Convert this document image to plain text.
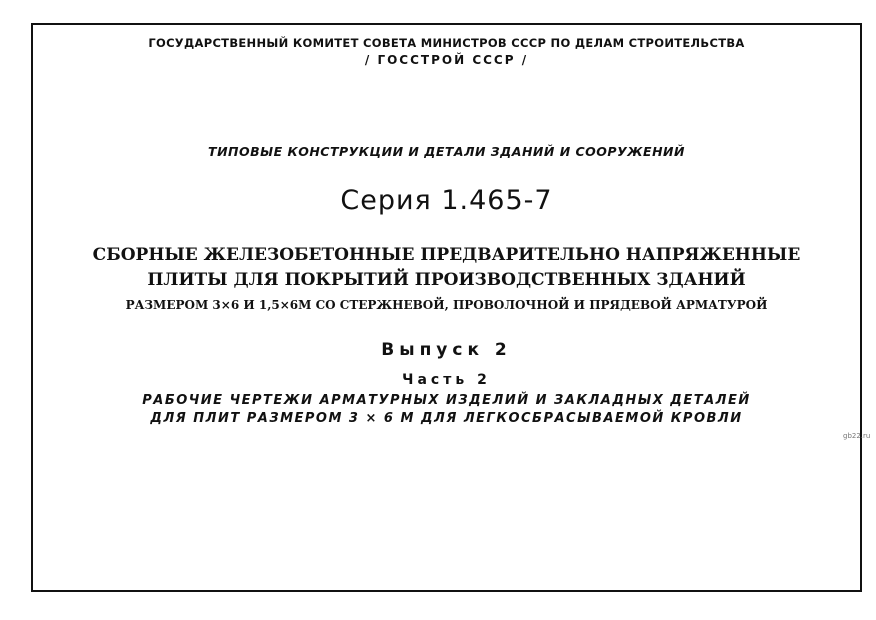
ГОСУДАРСТВЕННЫЙ КОМИТЕТ СОВЕТА МИНИСТРОВ СССР ПО ДЕЛАМ СТРОИТЕЛЬСТВА
/ ГОССТРОЙ СССР /
ТИПОВЫЕ КОНСТРУКЦИИ И ДЕТАЛИ ЗДАНИЙ И СООРУЖЕНИЙ
Серия 1.465-7
СБОРНЫЕ ЖЕЛЕЗОБЕТОННЫЕ ПРЕДВАРИТЕЛЬНО НАПРЯЖЕННЫЕ
ПЛИТЫ ДЛЯ ПОКРЫТИЙ ПРОИЗВОДСТВЕННЫХ ЗДАНИЙ
РАЗМЕРОМ 3×6 И 1,5×6М СО СТЕРЖНЕВОЙ, ПРОВОЛОЧНОЙ И ПРЯДЕВОЙ АРМАТУРОЙ
Выпуск 2
Часть 2
РАБОЧИЕ ЧЕРТЕЖИ АРМАТУРНЫХ ИЗДЕЛИЙ И ЗАКЛАДНЫХ ДЕТАЛЕЙ
ДЛЯ ПЛИТ РАЗМЕРОМ 3 × 6 М ДЛЯ ЛЕГКОСБРАСЫВАЕМОЙ КРОВЛИ
gb22.ru
